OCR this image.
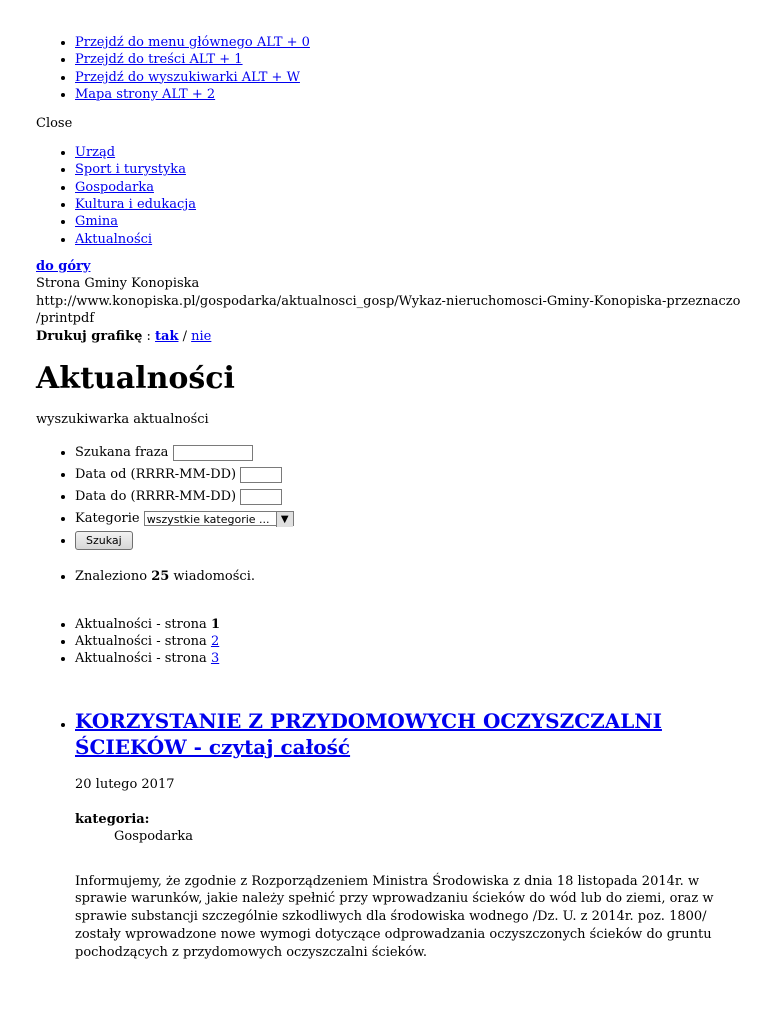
• Przejdź do menu głównego ALT + 0
• Przejdź do treści ALT + 1
• Przejdź do wyszukiwarki ALT + W
• Mapa strony ALT + 2
Close
• Urząd
• Sport i turystyka
• Gospodarka
• Kultura i edukacja
• Gmina
• Aktualności
do góry
Strona Gminy Konopiska
http://www.konopiska.pl/gospodarka/aktualnosci_gosp/Wykaz-nieruchomosci-Gminy-Konopiska-przeznaczo
/printpdf
Drukuj grafikę : tak / nie
Aktualności
wyszukiwarka aktualności
• Szukana fraza
• Data od (RRRR-MM-DD)
• Data do (RRRR-MM-DD)
• Kategorie wszystkie kategorie ...	▼
• Szukaj
• Znaleziono 25 wiadomości.
• Aktualności - strona 1
• Aktualności - strona 2
• Aktualności - strona 3
• KORZYSTANIE Z PRZYDOMOWYCH OCZYSZCZALNI
ŚCIEKÓW - czytaj całość
20 lutego 2017
kategoria:
Gospodarka
Informujemy, że zgodnie z Rozporządzeniem Ministra Środowiska z dnia 18 listopada 2014r. w
sprawie warunków, jakie należy spełnić przy wprowadzaniu ścieków do wód lub do ziemi, oraz w
sprawie substancji szczególnie szkodliwych dla środowiska wodnego /Dz. U. z 2014r. poz. 1800/
zostały wprowadzone nowe wymogi dotyczące odprowadzania oczyszczonych ścieków do gruntu
pochodzących z przydomowych oczyszczalni ścieków.
